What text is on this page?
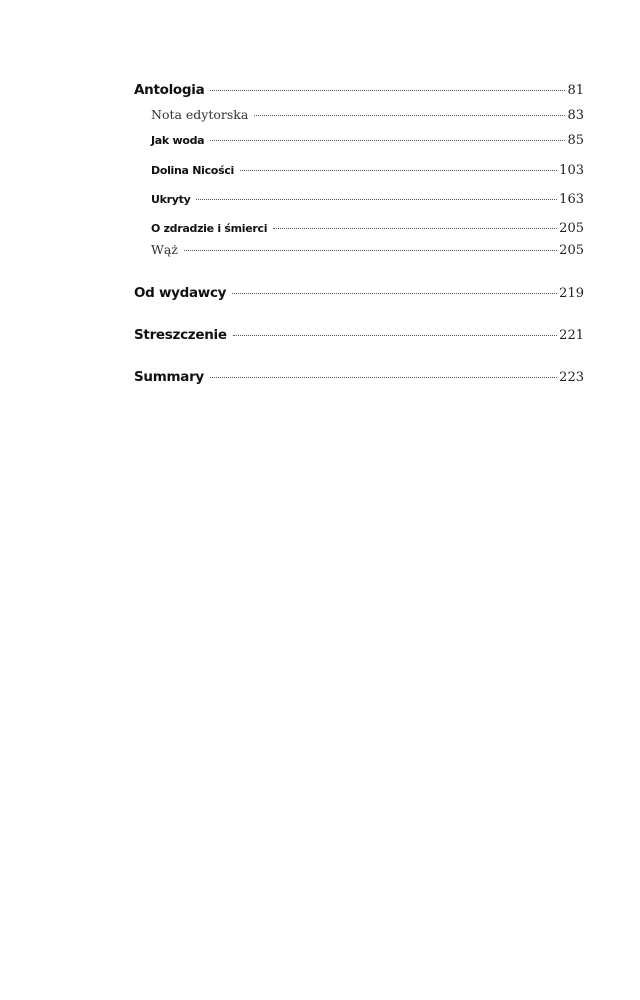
Antologia	81
Nota edytorska	83
Jak woda	85
Dolina Nicości	103
Ukryty	163
O zdradzie i śmierci	205
Wąż	205
Od wydawcy	219
Streszczenie	221
Summary	223
